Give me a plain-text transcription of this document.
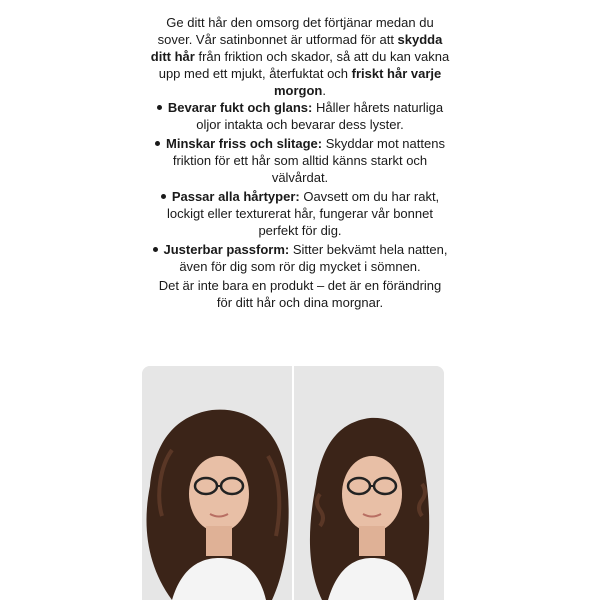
Ge ditt hår den omsorg det förtjänar medan du sover. Vår satinbonnet är utformad för att skydda ditt hår från friktion och skador, så att du kan vakna upp med ett mjukt, återfuktat och friskt hår varje morgon.

Bevarar fukt och glans: Håller hårets naturliga oljor intakta och bevarar dess lyster.
Minskar friss och slitage: Skyddar mot nattens friktion för ett hår som alltid känns starkt och välvårdat.
Passar alla hårtyper: Oavsett om du har rakt, lockigt eller texturerat hår, fungerar vår bonnet perfekt för dig.
Justerbar passform: Sitter bekvämt hela natten, även för dig som rör dig mycket i sömnen.

Det är inte bara en produkt – det är en förändring för ditt hår och dina morgnar.
